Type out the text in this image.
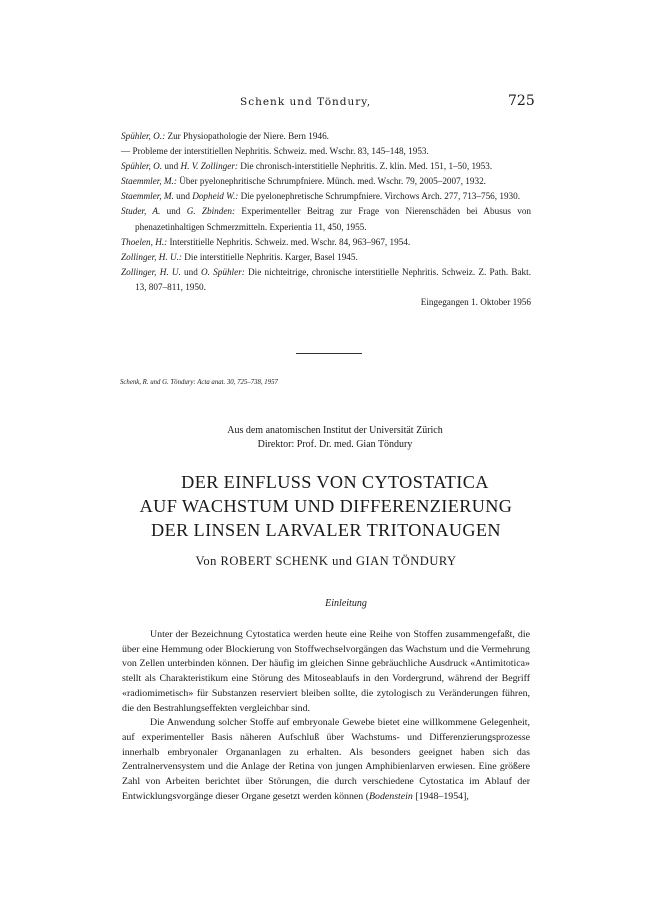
Schenk und Töndury,	725
Spühler, O.: Zur Physiopathologie der Niere. Bern 1946.
— Probleme der interstitiellen Nephritis. Schweiz. med. Wschr. 83, 145–148, 1953.
Spühler, O. und H. V. Zollinger: Die chronisch-interstitielle Nephritis. Z. klin. Med. 151, 1–50, 1953.
Staemmler, M.: Über pyelonephritische Schrumpfniere. Münch. med. Wschr. 79, 2005–2007, 1932.
Staemmler, M. und Dopheid W.: Die pyelonephretische Schrumpfniere. Virchows Arch. 277, 713–756, 1930.
Studer, A. und G. Zbinden: Experimenteller Beitrag zur Frage von Nierenschäden bei Abusus von phenazetinhaltigen Schmerzmitteln. Experientia 11, 450, 1955.
Thoelen, H.: Interstitielle Nephritis. Schweiz. med. Wschr. 84, 963–967, 1954.
Zollinger, H. U.: Die interstitielle Nephritis. Karger, Basel 1945.
Zollinger, H. U. und O. Spühler: Die nichteitrige, chronische interstitielle Nephritis. Schweiz. Z. Path. Bakt. 13, 807–811, 1950.
Eingegangen 1. Oktober 1956
Schenk, R. und G. Töndury: Acta anat. 30, 725–738, 1957
Aus dem anatomischen Institut der Universität Zürich
Direktor: Prof. Dr. med. Gian Töndury
DER EINFLUSS VON CYTOSTATICA
AUF WACHSTUM UND DIFFERENZIERUNG
DER LINSEN LARVALER TRITONAUGEN
Von ROBERT SCHENK und GIAN TÖNDURY
Einleitung
Unter der Bezeichnung Cytostatica werden heute eine Reihe von Stoffen zusammengefaßt, die über eine Hemmung oder Blockierung von Stoffwechselvorgängen das Wachstum und die Vermehrung von Zellen unterbinden können. Der häufig im gleichen Sinne gebräuchliche Ausdruck «Antimitotica» stellt als Charakteristikum eine Störung des Mitoseablaufs in den Vordergrund, während der Begriff «radiomimetisch» für Substanzen reserviert bleiben sollte, die zytologisch zu Veränderungen führen, die den Bestrahlungseffekten vergleichbar sind.
Die Anwendung solcher Stoffe auf embryonale Gewebe bietet eine willkommene Gelegenheit, auf experimenteller Basis näheren Aufschluß über Wachstums- und Differenzierungsprozesse innerhalb embryonaler Organanlagen zu erhalten. Als besonders geeignet haben sich das Zentralnervensystem und die Anlage der Retina von jungen Amphibienlarven erwiesen. Eine größere Zahl von Arbeiten berichtet über Störungen, die durch verschiedene Cytostatica im Ablauf der Entwicklungsvorgänge dieser Organe gesetzt werden können (Bodenstein [1948–1954],
